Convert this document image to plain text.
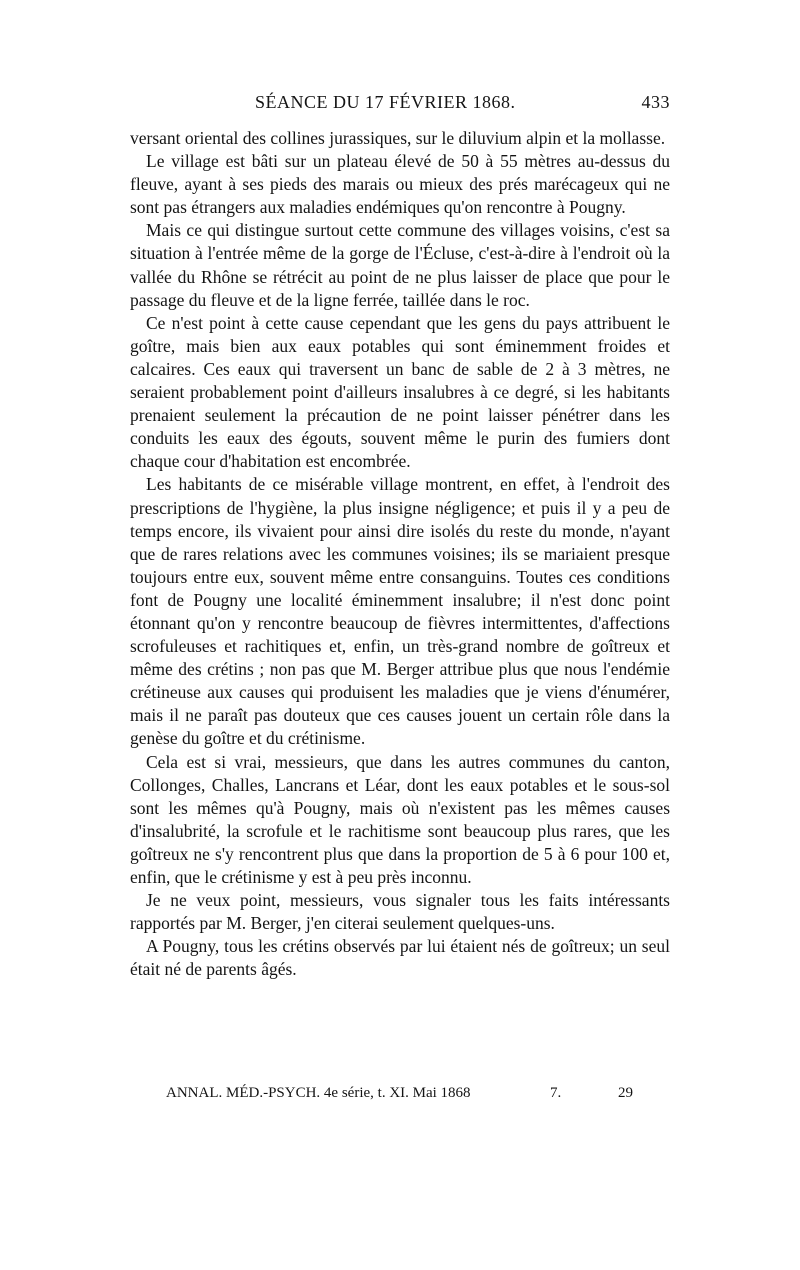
SÉANCE DU 17 FÉVRIER 1868.	433

versant oriental des collines jurassiques, sur le diluvium alpin et la mollasse.

Le village est bâti sur un plateau élevé de 50 à 55 mètres au-dessus du fleuve, ayant à ses pieds des marais ou mieux des prés marécageux qui ne sont pas étrangers aux maladies endémiques qu'on rencontre à Pougny.

Mais ce qui distingue surtout cette commune des villages voisins, c'est sa situation à l'entrée même de la gorge de l'Écluse, c'est-à-dire à l'endroit où la vallée du Rhône se rétrécit au point de ne plus laisser de place que pour le passage du fleuve et de la ligne ferrée, taillée dans le roc.

Ce n'est point à cette cause cependant que les gens du pays attribuent le goître, mais bien aux eaux potables qui sont éminemment froides et calcaires. Ces eaux qui traversent un banc de sable de 2 à 3 mètres, ne seraient probablement point d'ailleurs insalubres à ce degré, si les habitants prenaient seulement la précaution de ne point laisser pénétrer dans les conduits les eaux des égouts, souvent même le purin des fumiers dont chaque cour d'habitation est encombrée.

Les habitants de ce misérable village montrent, en effet, à l'endroit des prescriptions de l'hygiène, la plus insigne négligence; et puis il y a peu de temps encore, ils vivaient pour ainsi dire isolés du reste du monde, n'ayant que de rares relations avec les communes voisines; ils se mariaient presque toujours entre eux, souvent même entre consanguins. Toutes ces conditions font de Pougny une localité éminemment insalubre; il n'est donc point étonnant qu'on y rencontre beaucoup de fièvres intermittentes, d'affections scrofuleuses et rachitiques et, enfin, un très-grand nombre de goîtreux et même des crétins ; non pas que M. Berger attribue plus que nous l'endémie crétineuse aux causes qui produisent les maladies que je viens d'énumérer, mais il ne paraît pas douteux que ces causes jouent un certain rôle dans la genèse du goître et du crétinisme.

Cela est si vrai, messieurs, que dans les autres communes du canton, Collonges, Challes, Lancrans et Léar, dont les eaux potables et le sous-sol sont les mêmes qu'à Pougny, mais où n'existent pas les mêmes causes d'insalubrité, la scrofule et le rachitisme sont beaucoup plus rares, que les goîtreux ne s'y rencontrent plus que dans la proportion de 5 à 6 pour 100 et, enfin, que le crétinisme y est à peu près inconnu.

Je ne veux point, messieurs, vous signaler tous les faits intéressants rapportés par M. Berger, j'en citerai seulement quelques-uns.

A Pougny, tous les crétins observés par lui étaient nés de goîtreux; un seul était né de parents âgés.

ANNAL. MÉD.-PSYCH. 4e série, t. XI. Mai 1868	7.	29
